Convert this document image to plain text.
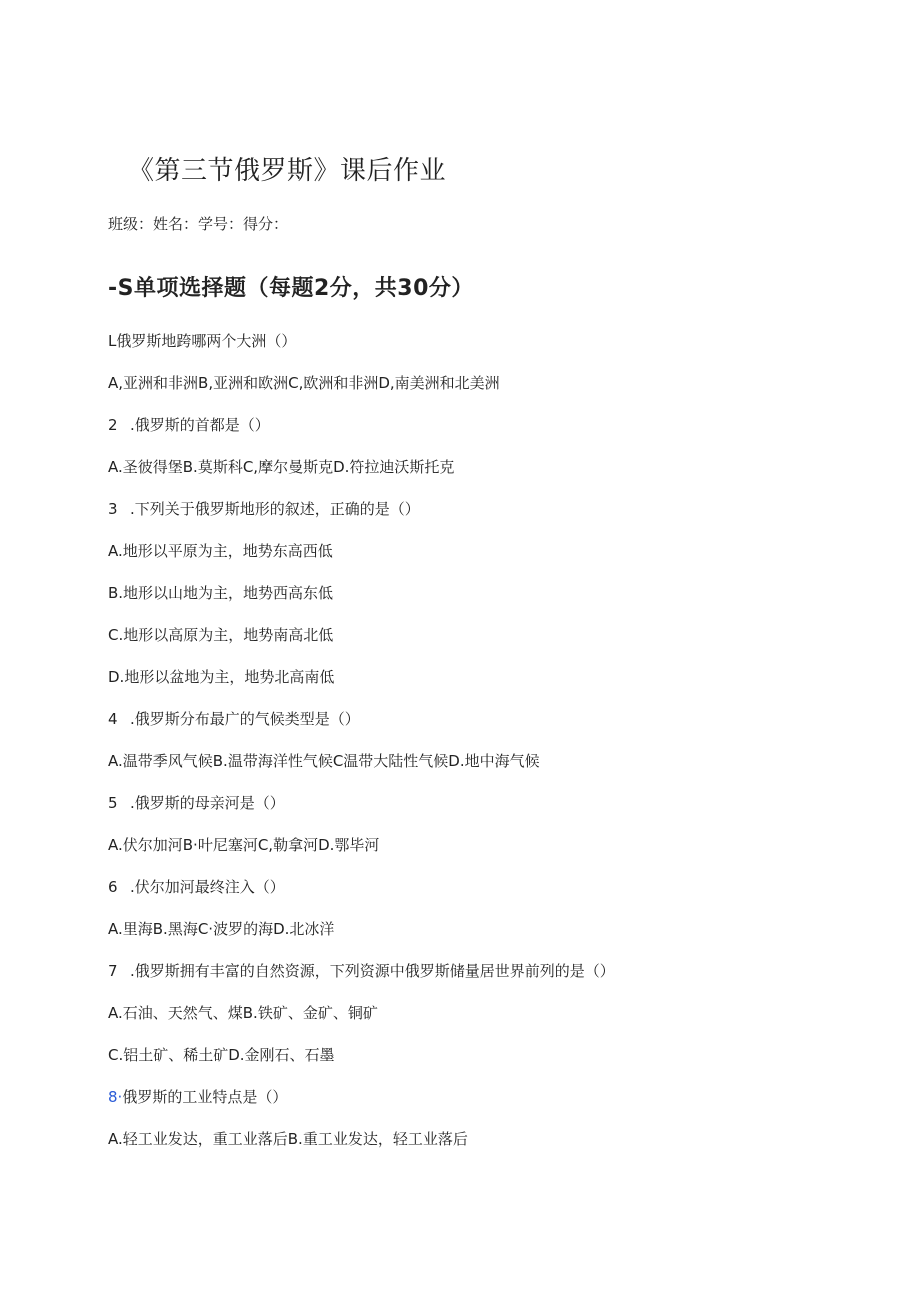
《第三节俄罗斯》课后作业
班级：姓名：学号：得分：
-S单项选择题（每题2分，共30分）
L俄罗斯地跨哪两个大洲（）
A,亚洲和非洲B,亚洲和欧洲C,欧洲和非洲D,南美洲和北美洲
2 .俄罗斯的首都是（）
A.圣彼得堡B.莫斯科C,摩尔曼斯克D.符拉迪沃斯托克
3 .下列关于俄罗斯地形的叙述，正确的是（）
A.地形以平原为主，地势东高西低
B.地形以山地为主，地势西高东低
C.地形以高原为主，地势南高北低
D.地形以盆地为主，地势北高南低
4 .俄罗斯分布最广的气候类型是（）
A.温带季风气候B.温带海洋性气候C温带大陆性气候D.地中海气候
5 .俄罗斯的母亲河是（）
A.伏尔加河B·叶尼塞河C,勒拿河D.鄂毕河
6 .伏尔加河最终注入（）
A.里海B.黑海C·波罗的海D.北冰洋
7 .俄罗斯拥有丰富的自然资源，下列资源中俄罗斯储量居世界前列的是（）
A.石油、天然气、煤B.铁矿、金矿、铜矿
C.铝土矿、稀土矿D.金刚石、石墨
8·俄罗斯的工业特点是（）
A.轻工业发达，重工业落后B.重工业发达，轻工业落后
